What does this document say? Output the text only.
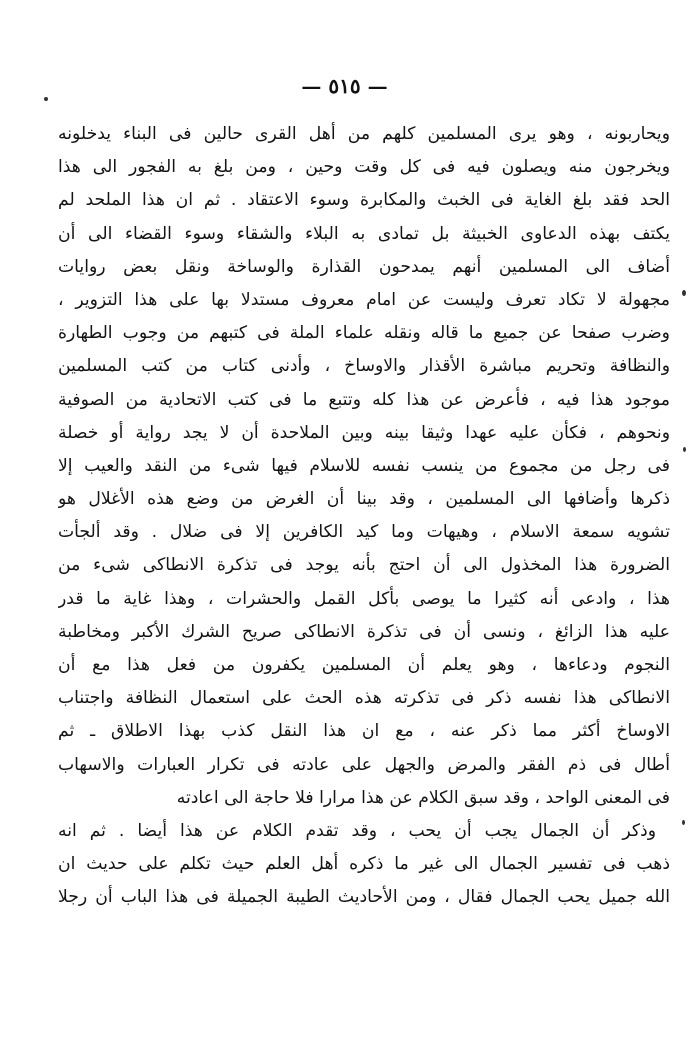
— ٥١٥ —
ويحاربونه ، وهو يرى المسلمين كلهم من أهل القرى حالين فى البناء يدخلونه
ويخرجون منه ويصلون فيه فى كل وقت وحين ، ومن بلغ به الفجور الى هذا
الحد فقد بلغ الغاية فى الخبث والمكابرة وسوء الاعتقاد . ثم ان هذا الملحد لم
يكتف بهذه الدعاوى الخبيثة بل تمادى به البلاء والشقاء وسوء القضاء الى أن
أضاف الى المسلمين أنهم يمدحون القذارة والوساخة ونقل بعض روايات
مجهولة لا تكاد تعرف وليست عن امام معروف مستدلا بها على هذا التزوير ،
وضرب صفحا عن جميع ما قاله ونقله علماء الملة فى كتبهم من وجوب الطهارة
والنظافة وتحريم مباشرة الأقذار والاوساخ ، وأدنى كتاب من كتب المسلمين
موجود هذا فيه ، فأعرض عن هذا كله وتتبع ما فى كتب الاتحادية من الصوفية
ونحوهم ، فكأن عليه عهدا وثيقا بينه وبين الملاحدة أن لا يجد رواية أو خصلة
فى رجل من مجموع من ينسب نفسه للاسلام فيها شىء من النقد والعيب إلا
ذكرها وأضافها الى المسلمين ، وقد بينا أن الغرض من وضع هذه الأغلال هو
تشويه سمعة الاسلام ، وهيهات وما كيد الكافرين إلا فى ضلال . وقد ألجأت
الضرورة هذا المخذول الى أن احتج بأنه يوجد فى تذكرة الانطاكى شىء من
هذا ، وادعى أنه كثيرا ما يوصى بأكل القمل والحشرات ، وهذا غاية ما قدر
عليه هذا الزائغ ، ونسى أن فى تذكرة الانطاكى صريح الشرك الأكبر ومخاطبة
النجوم ودعاءها ، وهو يعلم أن المسلمين يكفرون من فعل هذا مع أن
الانطاكى هذا نفسه ذكر فى تذكرته هذه الحث على استعمال النظافة واجتناب
الاوساخ أكثر مما ذكر عنه ، مع ان هذا النقل كذب بهذا الاطلاق ـ ثم
أطال فى ذم الفقر والمرض والجهل على عادته فى تكرار العبارات والاسهاب
فى المعنى الواحد ، وقد سبق الكلام عن هذا مرارا فلا حاجة الى اعادته
وذكر أن الجمال يجب أن يحب ، وقد تقدم الكلام عن هذا أيضا . ثم انه
ذهب فى تفسير الجمال الى غير ما ذكره أهل العلم حيث تكلم على حديث ان
الله جميل يحب الجمال فقال ، ومن الأحاديث الطيبة الجميلة فى هذا الباب أن رجلا
